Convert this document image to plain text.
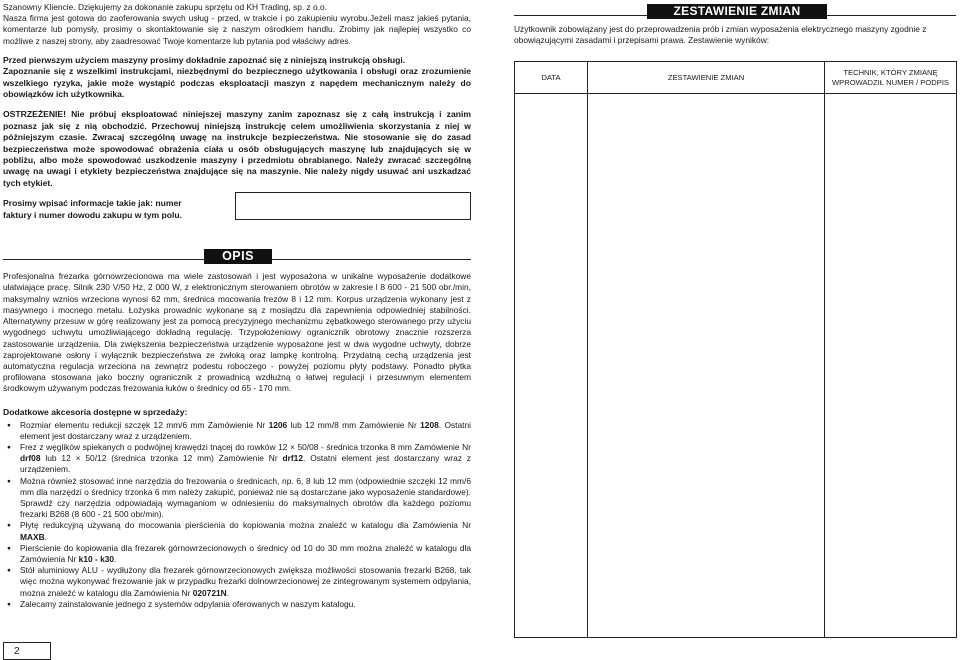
Szanowny Kliencie. Dziękujemy za dokonanie zakupu sprzętu od KH Trading, sp. z o.o.
Nasza firma jest gotowa do zaoferowania swych usług - przed, w trakcie i po zakupieniu wyrobu.Jeżeli masz jakieś pytania, komentarze lub pomysły, prosimy o skontaktowanie się z naszym ośrodkiem handlu. Zrobimy jak najlepiej wszystko co możliwe z naszej strony, aby zaadresować Twoje komentarze lub pytania pod właściwy adres.

Przed pierwszym użyciem maszyny prosimy dokładnie zapoznać się z niniejszą instrukcją obsługi.

Zapoznanie się z wszelkimi instrukcjami, niezbędnymi do bezpiecznego użytkowania i obsługi oraz zrozumienie wszelkiego ryzyka, jakie może wystąpić podczas eksploatacji maszyn z napędem mechanicznym należy do obowiązków ich użytkownika.

OSTRZEŻENIE! Nie próbuj eksploatować niniejszej maszyny zanim zapoznasz się z całą instrukcją i zanim poznasz jak się z nią obchodzić. Przechowuj niniejszą instrukcję celem umożliwienia skorzystania z niej w późniejszym czasie. Zwracaj szczególną uwagę na instrukcje bezpieczeństwa. Nie stosowanie się do zasad bezpieczeństwa może spowodować obrażenia ciała u osób obsługujących maszynę lub znajdujących się w pobliżu, albo może spowodować uszkodzenie maszyny i przedmiotu obrabianego. Należy zwracać szczególną uwagę na uwagi i etykiety bezpieczeństwa znajdujące się na maszynie. Nie należy nigdy usuwać ani uszkadzać tych etykiet.

Prosimy wpisać informacje takie jak: numer faktury i numer dowodu zakupu w tym polu.

OPIS

Profesjonalna frezarka górnowrzecionowa ma wiele zastosowań i jest wyposażona w unikalne wyposażenie dodatkowe ułatwiające pracę. Silnik 230 V/50 Hz, 2 000 W, z elektronicznym sterowaniem obrotów w zakresie l 8 600 - 21 500 obr./min, maksymalny wznios wrzeciona wynosi 62 mm, średnica mocowania frezów 8 i 12 mm. Korpus urządzenia wykonany jest z masywnego i mocnego metalu. Łożyska prowadnic wykonane są z mosiądzu dla zapewnienia odpowiedniej stabilności. Alternatywny przesuw w górę realizowany jest za pomocą precyzyjnego mechanizmu zębatkowego sterowanego przy użyciu wygodnego uchwytu umożliwiającego dokładną regulację. Trzypołożeniowy ogranicznik obrotowy znacznie rozszerza zastosowanie urządzenia. Dla zwiększenia bezpieczeństwa urządzenie wyposażone jest w dwa wygodne uchwyty, dobrze zaprojektowane osłony i wyłącznik bezpieczeństwa ze zwłoką oraz lampkę kontrolną. Przydatną cechą urządzenia jest automatyczna regulacja wrzeciona na zewnątrz podestu roboczego - powyżej poziomu płyty podstawy. Ponadto płytka profilowana stosowana jako boczny ogranicznik z prowadnicą wzdłużną o łatwej regulacji i przesuwnym elementem środkowym używanym podczas frezowania łuków o średnicy od 65 - 170 mm.

Dodatkowe akcesoria dostępne w sprzedaży:

● Rozmiar elementu redukcji szczęk 12 mm/6 mm Zamówienie Nr 1206 lub 12 mm/8 mm Zamówienie Nr 1208. Ostatni element jest dostarczany wraz z urządzeniem.
● Frez z węglików spiekanych o podwójnej krawędzi tnącej do rowków 12 × 50/08 - średnica trzonka 8 mm Zamówienie Nr drf08 lub 12 × 50/12 (średnica trzonka 12 mm) Zamówienie Nr drf12. Ostatni element jest dostarczany wraz z urządzeniem.
● Można również stosować inne narzędzia do frezowania o średnicach, np. 6, 8 lub 12 mm (odpowiednie szczęki 12 mm/6 mm dla narzędzi o średnicy trzonka 6 mm należy zakupić, ponieważ nie są dostarczane jako wyposażenie standardowe). Sprawdź czy narzędzia odpowiadają wymaganiom w odniesieniu do maksymalnych obrotów dla każdego poziomu frezarki B268 (8 600 - 21 500 obr/min).
● Płytę redukcyjną używaną do mocowania pierścienia do kopiowania można znaleźć w katalogu dla Zamówienia Nr MAXB.
● Pierścienie do kopiowania dla frezarek górnowrzecionowych o średnicy od 10 do 30 mm można znaleźć w katalogu dla Zamówienia Nr k10 - k30.
● Stół aluminiowy ALU - wydłużony dla frezarek górnowrzecionowych zwiększa możliwości stosowania frezarki B268, tak więc można wykonywać frezowanie jak w przypadku frezarki dolnowrzecionowej ze zintegrowanym systemem odpylania, można znaleźć w katalogu dla Zamówienia Nr 020721N.
● Zalecamy zainstalowanie jednego z systemów odpylania oferowanych w naszym katalogu.
2
ZESTAWIENIE ZMIAN

Użytkownik zobowiązany jest do przeprowadzenia prób i zmian wyposażenia elektrycznego maszyny zgodnie z obowiązującymi zasadami i przepisami prawa. Zestawienie wyników:

DATA	ZESTAWIENIE ZMIAN	TECHNIK, KTÓRY ZMIANĘ WPROWADZIŁ NUMER / PODPIS
